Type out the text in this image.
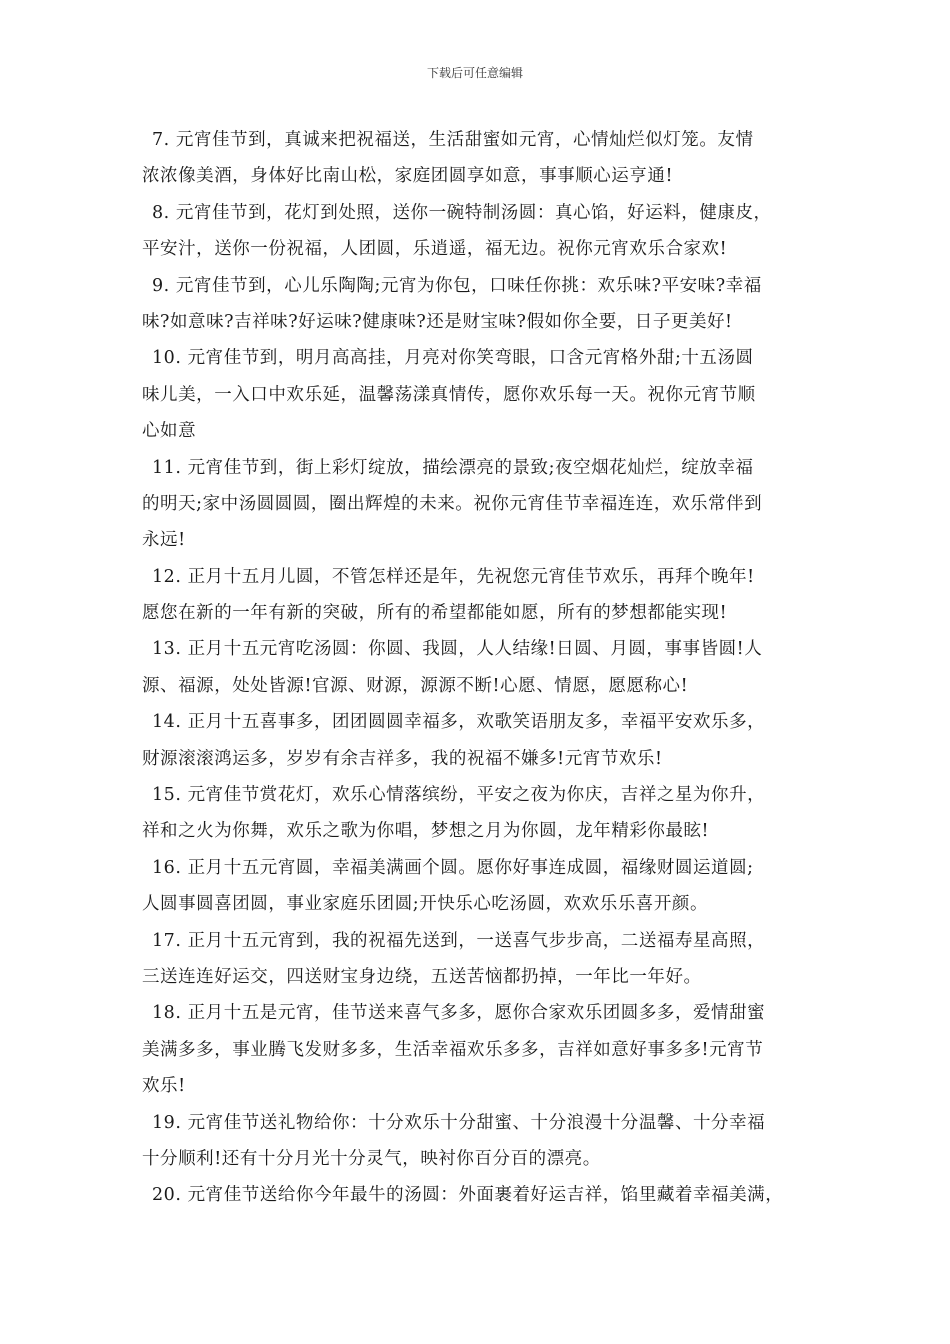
下载后可任意编辑
7. 元宵佳节到，真诚来把祝福送，生活甜蜜如元宵，心情灿烂似灯笼。友情
浓浓像美酒，身体好比南山松，家庭团圆享如意，事事顺心运亨通!
8. 元宵佳节到，花灯到处照，送你一碗特制汤圆：真心馅，好运料，健康皮，
平安汁，送你一份祝福，人团圆，乐逍遥，福无边。祝你元宵欢乐合家欢!
9. 元宵佳节到，心儿乐陶陶;元宵为你包，口味任你挑：欢乐味?平安味?幸福
味?如意味?吉祥味?好运味?健康味?还是财宝味?假如你全要，日子更美好!
10. 元宵佳节到，明月高高挂，月亮对你笑弯眼，口含元宵格外甜;十五汤圆
味儿美，一入口中欢乐延，温馨荡漾真情传，愿你欢乐每一天。祝你元宵节顺
心如意
11. 元宵佳节到，街上彩灯绽放，描绘漂亮的景致;夜空烟花灿烂，绽放幸福
的明天;家中汤圆圆圆，圈出辉煌的未来。祝你元宵佳节幸福连连，欢乐常伴到
永远!
12. 正月十五月儿圆，不管怎样还是年，先祝您元宵佳节欢乐，再拜个晚年!
愿您在新的一年有新的突破，所有的希望都能如愿，所有的梦想都能实现!
13. 正月十五元宵吃汤圆：你圆、我圆，人人结缘!日圆、月圆，事事皆圆!人
源、福源，处处皆源!官源、财源，源源不断!心愿、情愿，愿愿称心!
14. 正月十五喜事多，团团圆圆幸福多，欢歌笑语朋友多，幸福平安欢乐多，
财源滚滚鸿运多，岁岁有余吉祥多，我的祝福不嫌多!元宵节欢乐!
15. 元宵佳节赏花灯，欢乐心情落缤纷，平安之夜为你庆，吉祥之星为你升，
祥和之火为你舞，欢乐之歌为你唱，梦想之月为你圆，龙年精彩你最眩!
16. 正月十五元宵圆，幸福美满画个圆。愿你好事连成圆，福缘财圆运道圆;
人圆事圆喜团圆，事业家庭乐团圆;开快乐心吃汤圆，欢欢乐乐喜开颜。
17. 正月十五元宵到，我的祝福先送到，一送喜气步步高，二送福寿星高照，
三送连连好运交，四送财宝身边绕，五送苦恼都扔掉，一年比一年好。
18. 正月十五是元宵，佳节送来喜气多多，愿你合家欢乐团圆多多，爱情甜蜜
美满多多，事业腾飞发财多多，生活幸福欢乐多多，吉祥如意好事多多!元宵节
欢乐!
19. 元宵佳节送礼物给你：十分欢乐十分甜蜜、十分浪漫十分温馨、十分幸福
十分顺利!还有十分月光十分灵气，映衬你百分百的漂亮。
20. 元宵佳节送给你今年最牛的汤圆：外面裹着好运吉祥，馅里藏着幸福美满，
